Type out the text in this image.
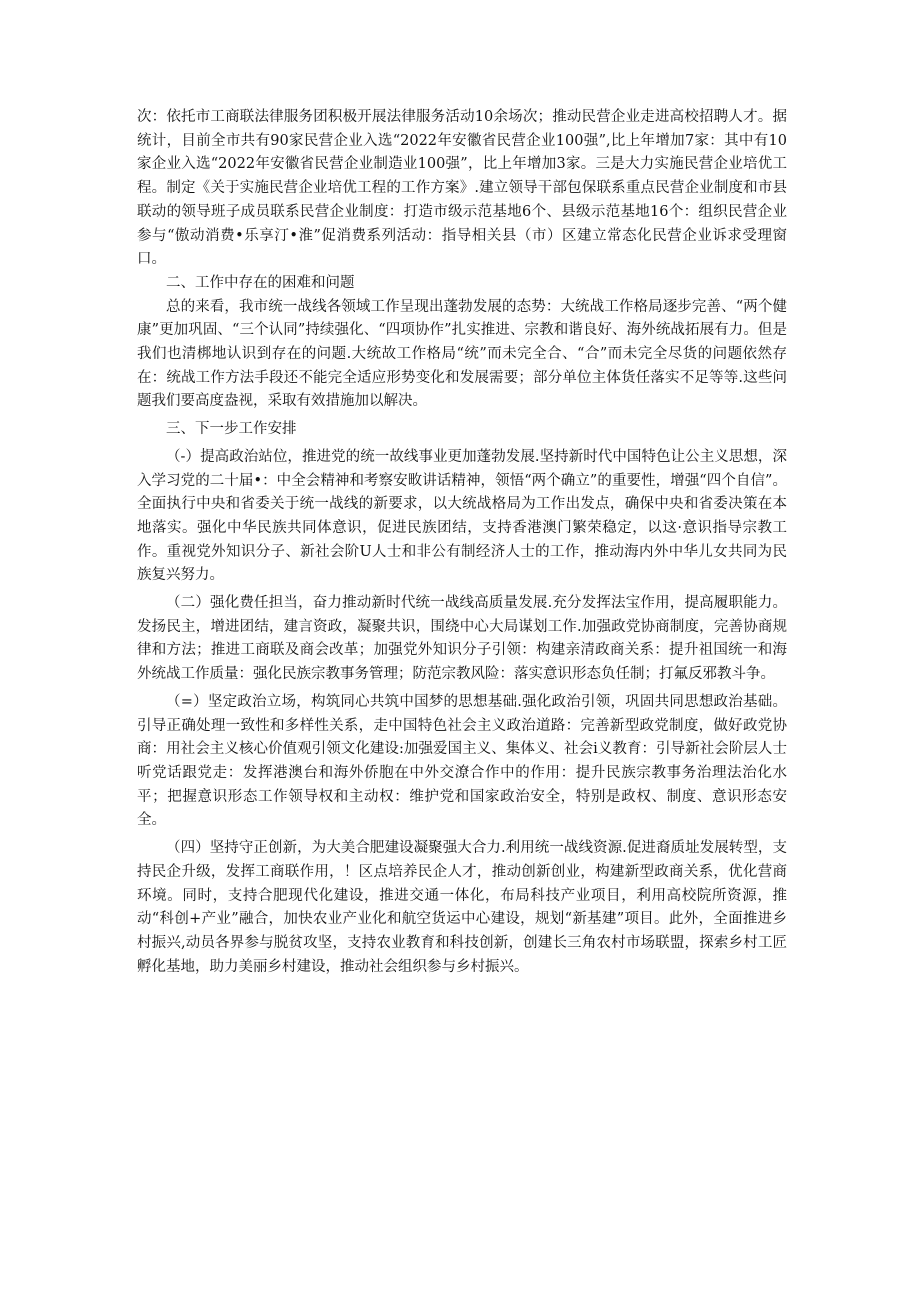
次：依托市工商联法律服务团积极开展法律服务活动10余场次；推动民营企业走进高校招聘人才。据统计，目前全市共有90家民营企业入选“2022年安徽省民营企业100强”,比上年增加7家：其中有10家企业入选“2022年安徽省民营企业制造业100强”，比上年增加3家。三是大力实施民营企业培优工程。制定《关于实施民营企业培优工程的工作方案》.建立领导干部包保联系重点民营企业制度和市县联动的领导班子成员联系民营企业制度：打造市级示范基地6个、县级示范基地16个：组织民营企业参与“傲动消费•乐享汀•淮”促消费系列活动：指导相关县（市）区建立常态化民营企业诉求受理窗口。

二、工作中存在的困难和问题

总的来看，我市统一战线各领域工作呈现出蓬勃发展的态势：大统战工作格局逐步完善、“两个健康”更加巩固、“三个认同”持续强化、“四项协作”扎实推进、宗教和谐良好、海外统战拓展有力。但是我们也清梆地认识到存在的问题.大统故工作格局“统”而未完全合、“合”而未完全尽货的问题依然存在：统战工作方法手段还不能完全适应形势变化和发展需要；部分单位主体货任落实不足等等.这些问题我们要高度盎视，采取有效措施加以解决。

三、下一步工作安排

（-）提高政治站位，推进党的统一故线事业更加蓬勃发展.坚持新时代中国特色让公主义思想，深入学习党的二十届•：中全会精神和考察安畋讲话精神，领悟“两个确立”的重要性，增强“四个自信”。全面执行中央和省委关于统一战线的新要求，以大统战格局为工作出发点，确保中央和省委决策在本地落实。强化中华民族共同体意识，促进民族团结，支持香港澳门繁荣稳定，以这·意识指导宗教工作。重视党外知识分子、新社会阶U人士和非公有制经济人士的工作，推动海内外中华儿女共同为民族复兴努力。

（二）强化费任担当，奋力推动新时代统一战线高质量发展.充分发挥法宝作用，提高履职能力。发扬民主，增进团结，建言资政，凝聚共识，围绕中心大局谋划工作.加强政党协商制度，完善协商规律和方法；推进工商联及商会改革；加强党外知识分子引领：构建亲清政商关系：提升祖国统一和海外统战工作质量：强化民族宗教事务管理；防范宗教风险：落实意识形态负任制；打氟反邪教斗争。

（=）坚定政治立场，构筑同心共筑中国梦的思想基础.强化政治引领，巩固共同思想政治基础。引导正确处理一致性和多样性关系，走中国特色社会主义政治道路：完善新型政党制度，做好政党协商：用社会主义核心价值观引领文化建设:加强爱国主义、集体义、社会i义教育：引导新社会阶层人士听党话跟党走：发挥港澳台和海外侨胞在中外交潦合作中的作用：提升民族宗教事务治理法治化水平；把握意识形态工作领导权和主动权：维护党和国家政治安全，特别是政权、制度、意识形态安全。

（四）坚持守正创新，为大美合肥建设凝聚强大合力.利用统一战线资源.促进裔质址发展转型，支持民企升级，发挥工商联作用，！区点培养民企人才，推动创新创业，构建新型政商关系，优化营商环境。同时，支持合肥现代化建设，推进交通一体化，布局科技产业项目，利用高校院所资源，推动“科创+产业”融合，加快农业产业化和航空货运中心建设，规划“新基建”项目。此外，全面推进乡村振兴,动员各界参与脱贫攻坚，支持农业教育和科技创新，创建长三角农村市场联盟，探索乡村工匠孵化基地，助力美丽乡村建设，推动社会组织参与乡村振兴。
